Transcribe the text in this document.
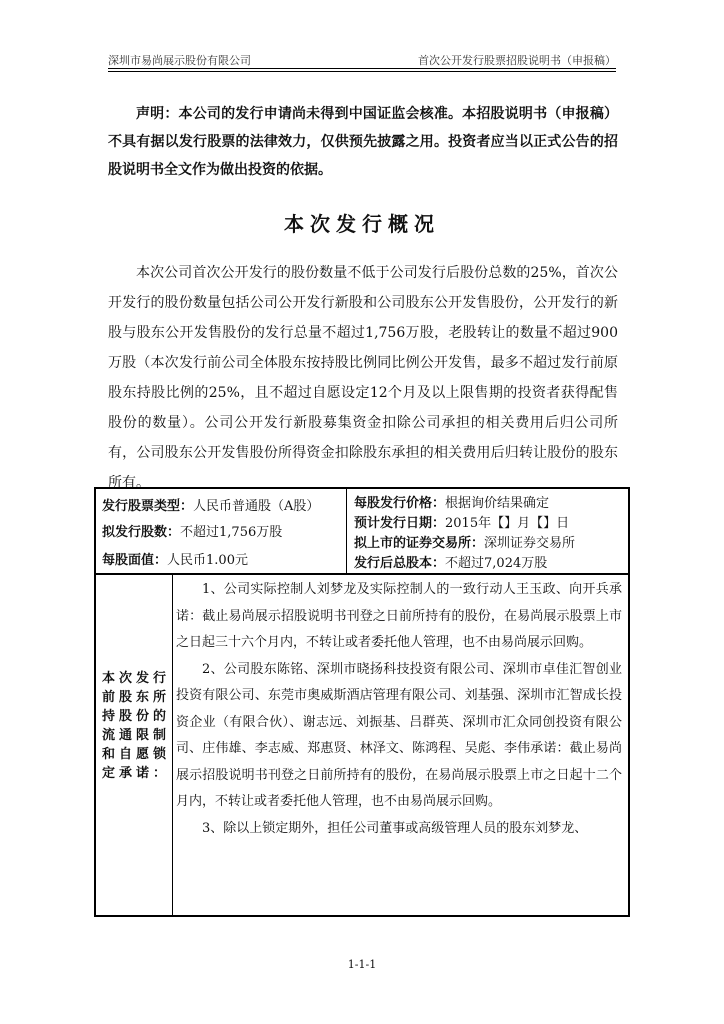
深圳市易尚展示股份有限公司	首次公开发行股票招股说明书（申报稿）
声明：本公司的发行申请尚未得到中国证监会核准。本招股说明书（申报稿）不具有据以发行股票的法律效力，仅供预先披露之用。投资者应当以正式公告的招股说明书全文作为做出投资的依据。
本次发行概况
本次公司首次公开发行的股份数量不低于公司发行后股份总数的25%，首次公开发行的股份数量包括公司公开发行新股和公司股东公开发售股份，公开发行的新股与股东公开发售股份的发行总量不超过1,756万股，老股转让的数量不超过900万股（本次发行前公司全体股东按持股比例同比例公开发售，最多不超过发行前原股东持股比例的25%，且不超过自愿设定12个月及以上限售期的投资者获得配售股份的数量）。公司公开发行新股募集资金扣除公司承担的相关费用后归公司所有，公司股东公开发售股份所得资金扣除股东承担的相关费用后归转让股份的股东所有。
发行股票类型：人民币普通股（A股）
拟发行股数：不超过1,756万股
每股面值：人民币1.00元
每股发行价格：根据询价结果确定
预计发行日期：2015年【】月【】日
拟上市的证券交易所：深圳证券交易所
发行后总股本：不超过7,024万股
本次发行前股东所持股份的流通限制和自愿锁定承诺：

1、公司实际控制人刘梦龙及实际控制人的一致行动人王玉政、向开兵承诺：截止易尚展示招股说明书刊登之日前所持有的股份，在易尚展示股票上市之日起三十六个月内，不转让或者委托他人管理，也不由易尚展示回购。

2、公司股东陈铭、深圳市晓扬科技投资有限公司、深圳市卓佳汇智创业投资有限公司、东莞市奥威斯酒店管理有限公司、刘基强、深圳市汇智成长投资企业（有限合伙）、谢志远、刘振基、吕群英、深圳市汇众同创投资有限公司、庄伟雄、李志威、郑惠贤、林泽文、陈鸿程、吴彪、李伟承诺：截止易尚展示招股说明书刊登之日前所持有的股份，在易尚展示股票上市之日起十二个月内，不转让或者委托他人管理，也不由易尚展示回购。

3、除以上锁定期外，担任公司董事或高级管理人员的股东刘梦龙、

1-1-1
